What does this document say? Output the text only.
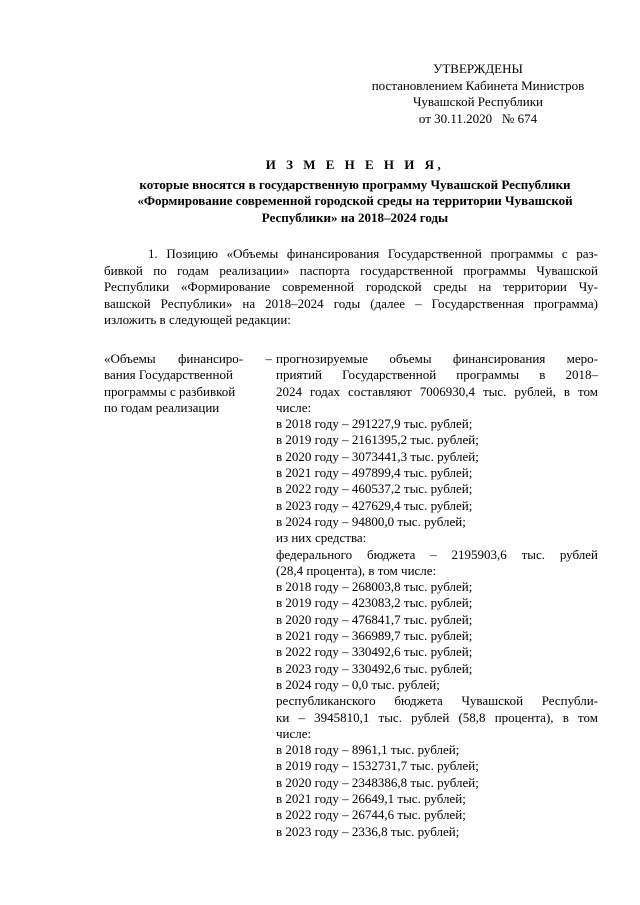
УТВЕРЖДЕНЫ
постановлением Кабинета Министров
Чувашской Республики
от 30.11.2020   № 674
И З М Е Н Е Н И Я,
которые вносятся в государственную программу Чувашской Республики
«Формирование современной городской среды на территории Чувашской
Республики» на 2018–2024 годы
1. Позицию «Объемы финансирования Государственной программы с раз-
бивкой по годам реализации» паспорта государственной программы Чувашской
Республики «Формирование современной городской среды на территории Чу-
вашской Республики» на 2018–2024 годы (далее – Государственная программа)
изложить в следующей редакции:
«Объемы  финансиро-  –
вания Государственной
программы с разбивкой
по годам реализации
прогнозируемые объемы финансирования меро-
приятий Государственной программы в 2018–
2024 годах составляют 7006930,4 тыс. рублей, в том
числе:
в 2018 году – 291227,9 тыс. рублей;
в 2019 году – 2161395,2 тыс. рублей;
в 2020 году – 3073441,3 тыс. рублей;
в 2021 году – 497899,4 тыс. рублей;
в 2022 году – 460537,2 тыс. рублей;
в 2023 году – 427629,4 тыс. рублей;
в 2024 году – 94800,0 тыс. рублей;
из них средства:
федерального бюджета – 2195903,6 тыс. рублей
(28,4 процента), в том числе:
в 2018 году – 268003,8 тыс. рублей;
в 2019 году – 423083,2 тыс. рублей;
в 2020 году – 476841,7 тыс. рублей;
в 2021 году – 366989,7 тыс. рублей;
в 2022 году – 330492,6 тыс. рублей;
в 2023 году – 330492,6 тыс. рублей;
в 2024 году – 0,0 тыс. рублей;
республиканского бюджета Чувашской Республи-
ки – 3945810,1 тыс. рублей (58,8 процента), в том
числе:
в 2018 году – 8961,1 тыс. рублей;
в 2019 году – 1532731,7 тыс. рублей;
в 2020 году – 2348386,8 тыс. рублей;
в 2021 году – 26649,1 тыс. рублей;
в 2022 году – 26744,6 тыс. рублей;
в 2023 году – 2336,8 тыс. рублей;
